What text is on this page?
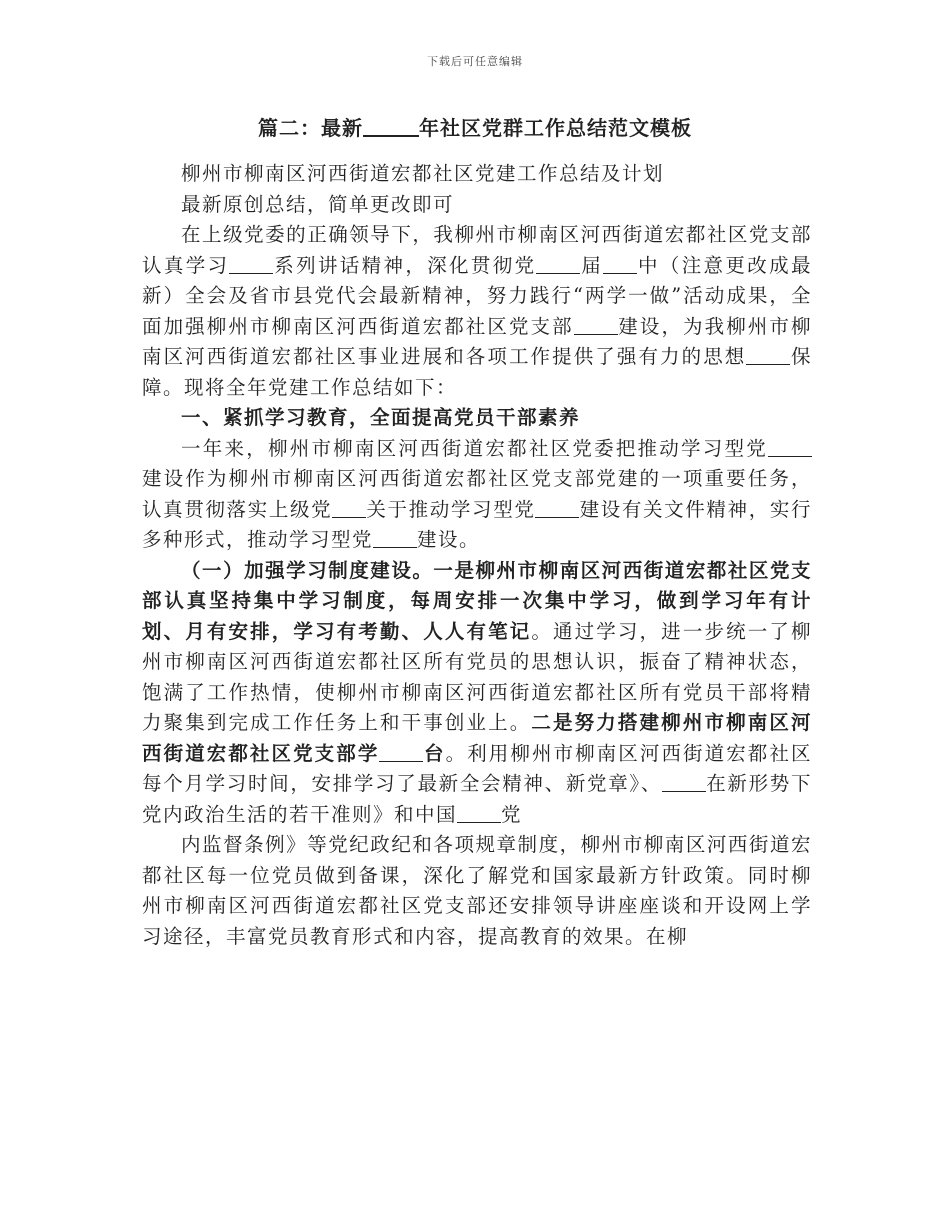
下载后可任意编辑
篇二：最新	年社区党群工作总结范文模板

柳州市柳南区河西街道宏都社区党建工作总结及计划

最新原创总结，简单更改即可

在上级党委的正确领导下，我柳州市柳南区河西街道宏都社区党支部认真学习 系列讲话精神，深化贯彻党 届 中（注意更改成最新）全会及省市县党代会最新精神，努力践行“两学一做”活动成果，全面加强柳州市柳南区河西街道宏都社区党支部 建设，为我柳州市柳南区河西街道宏都社区事业进展和各项工作提供了强有力的思想 保障。现将全年党建工作总结如下：

一、紧抓学习教育，全面提高党员干部素养

一年来，柳州市柳南区河西街道宏都社区党委把推动学习型党建设作为柳州市柳南区河西街道宏都社区党支部党建的一项重要任务，认真贯彻落实上级党 关于推动学习型党 建设有关文件精神，实行多种形式，推动学习型党 建设。

（一）加强学习制度建设。一是柳州市柳南区河西街道宏都社区党支部认真坚持集中学习制度，每周安排一次集中学习，做到学习年有计划、月有安排，学习有考勤、人人有笔记。通过学习，进一步统一了柳州市柳南区河西街道宏都社区所有党员的思想认识，振奋了精神状态，饱满了工作热情，使柳州市柳南区河西街道宏都社区所有党员干部将精力聚集到完成工作任务上和干事创业上。二是努力搭建柳州市柳南区河西街道宏都社区党支部学 台。利用柳州市柳南区河西街道宏都社区每个月学习时间，安排学习了最新全会精神、新党章》、 在新形势下党内政治生活的若干准则》和中国 党

内监督条例》等党纪政纪和各项规章制度，柳州市柳南区河西街道宏都社区每一位党员做到备课，深化了解党和国家最新方针政策。同时柳州市柳南区河西街道宏都社区党支部还安排领导讲座座谈和开设网上学习途径，丰富党员教育形式和内容，提高教育的效果。在柳
